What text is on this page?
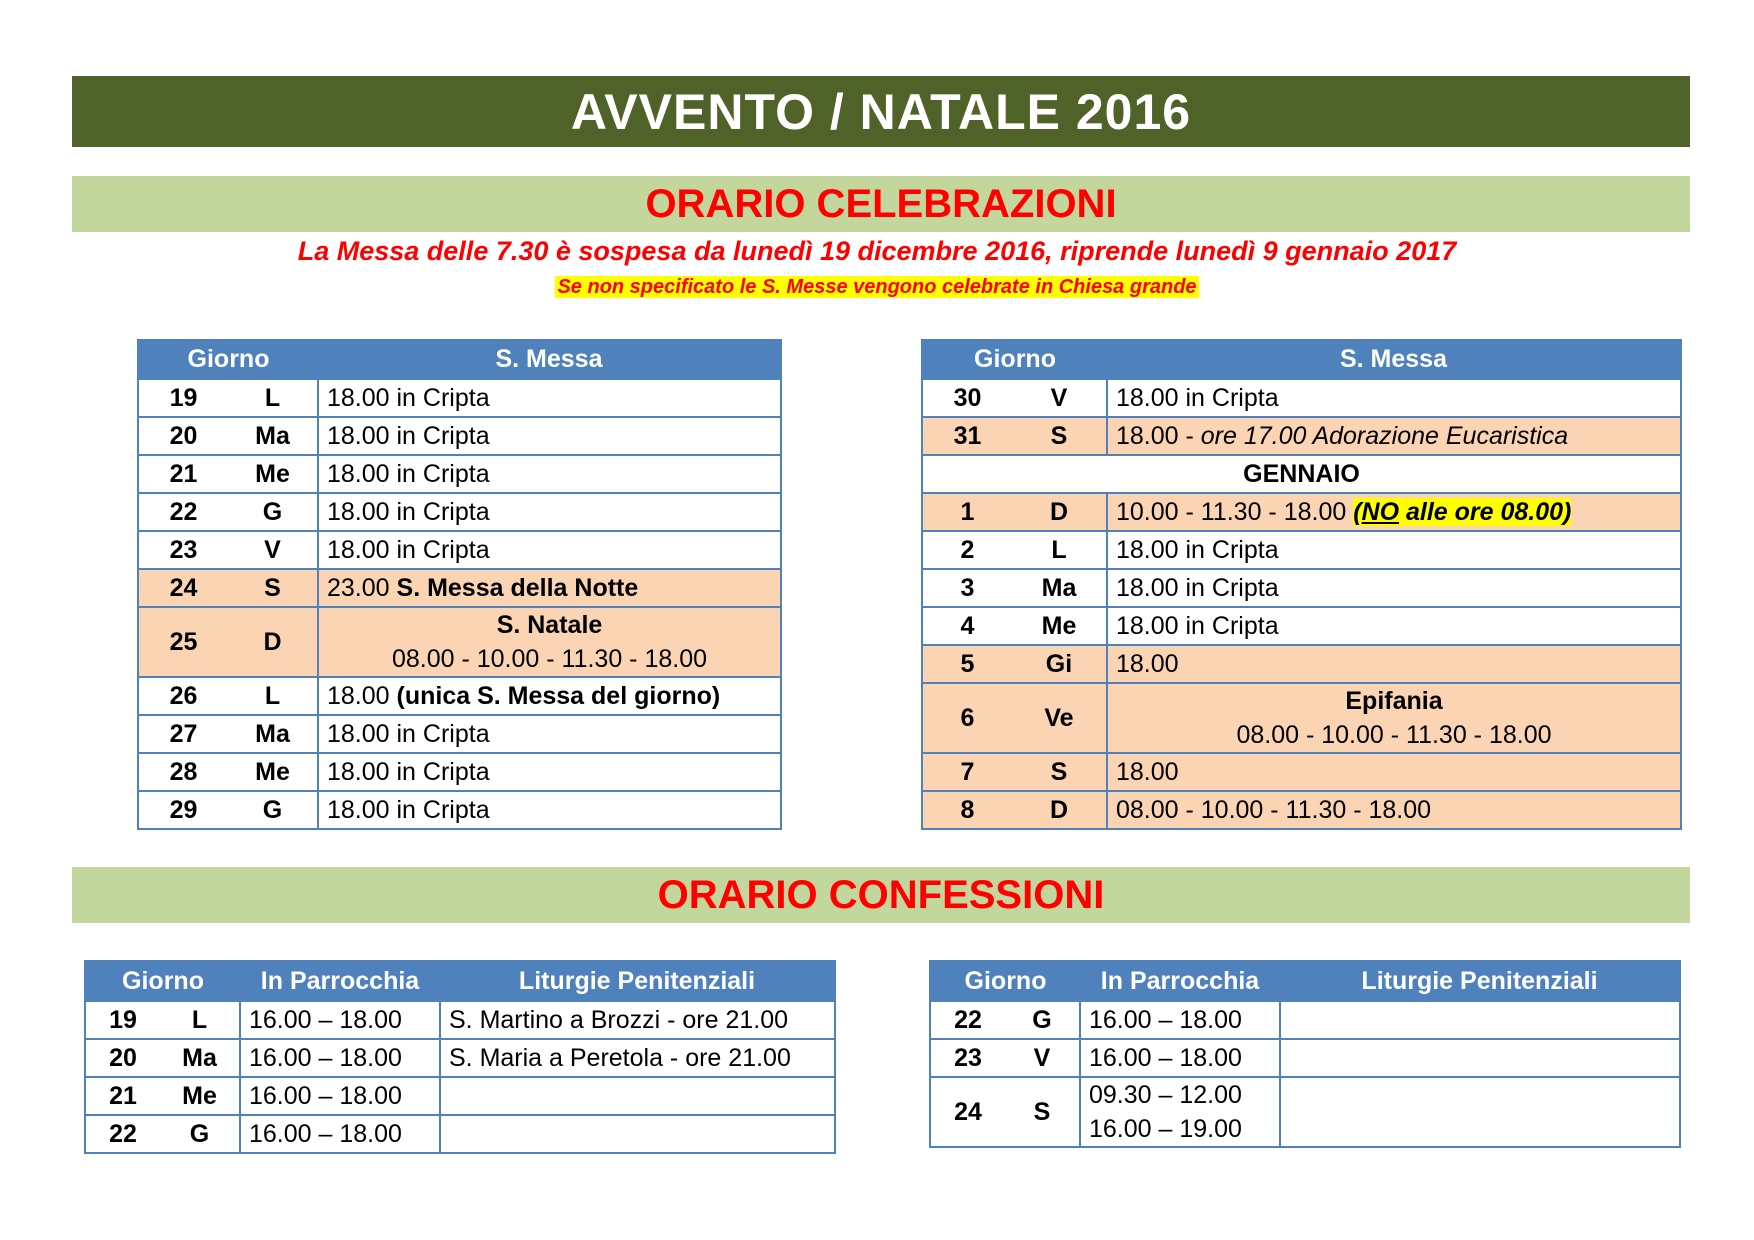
AVVENTO / NATALE 2016
ORARIO CELEBRAZIONI
La Messa delle 7.30 è sospesa da lunedì 19 dicembre 2016, riprende lunedì 9 gennaio 2017
Se non specificato le S. Messe vengono celebrate in Chiesa grande
Giorno		S. Messa
19	L	18.00 in Cripta
20	Ma	18.00 in Cripta
21	Me	18.00 in Cripta
22	G	18.00 in Cripta
23	V	18.00 in Cripta
24	S	23.00 S. Messa della Notte
25	D	S. Natale
08.00 - 10.00 - 11.30 - 18.00

26	L	18.00 (unica S. Messa del giorno)
27	Ma	18.00 in Cripta
28	Me	18.00 in Cripta
29	G	18.00 in Cripta
Giorno		S. Messa
30	V	18.00 in Cripta
31	S	18.00 - ore 17.00 Adorazione Eucaristica
GENNAIO		
1	D	10.00 - 11.30 - 18.00 (NO alle ore 08.00)
2	L	18.00 in Cripta
3	Ma	18.00 in Cripta
4	Me	18.00 in Cripta
5	Gi	18.00
6	Ve	Epifania
08.00 - 10.00 - 11.30 - 18.00

7	S	18.00
8	D	08.00 - 10.00 - 11.30 - 18.00
ORARIO CONFESSIONI
Giorno		In Parrocchia	Liturgie Penitenziali
19	L	16.00 – 18.00	S. Martino a Brozzi - ore 21.00
20	Ma	16.00 – 18.00	S. Maria a Peretola - ore 21.00
21	Me	16.00 – 18.00	
22	G	16.00 – 18.00	
Giorno		In Parrocchia	Liturgie Penitenziali
22	G	16.00 – 18.00	
23	V	16.00 – 18.00	
24	S	09.30 – 12.00
16.00 – 19.00	
